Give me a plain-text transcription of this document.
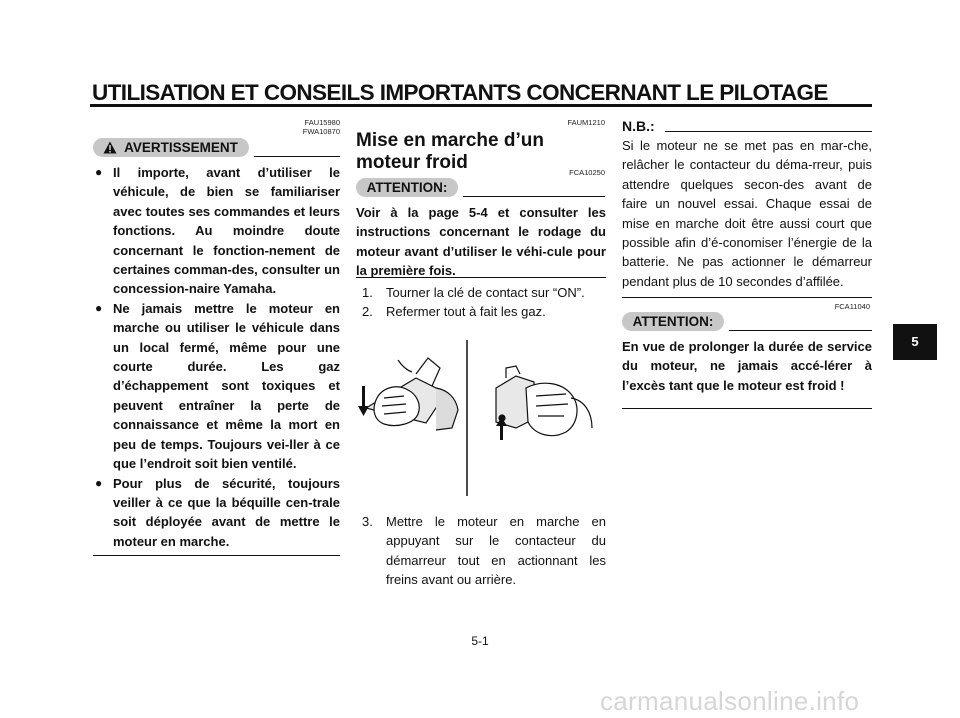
UTILISATION ET CONSEILS IMPORTANTS CONCERNANT LE PILOTAGE
FAU15980
FWA10870
AVERTISSEMENT
● Il importe, avant d’utiliser le véhicule, de bien se familiariser avec toutes ses commandes et leurs fonctions. Au moindre doute concernant le fonction-nement de certaines comman-des, consulter un concession-naire Yamaha.
● Ne jamais mettre le moteur en marche ou utiliser le véhicule dans un local fermé, même pour une courte durée. Les gaz d’échappement sont toxiques et peuvent entraîner la perte de connaissance et même la mort en peu de temps. Toujours vei-ller à ce que l’endroit soit bien ventilé.
● Pour plus de sécurité, toujours veiller à ce que la béquille cen-trale soit déployée avant de mettre le moteur en marche.
FAUM1210
Mise en marche d’un moteur froid	FCA10250
ATTENTION:
Voir à la page 5-4 et consulter les instructions concernant le rodage du moteur avant d’utiliser le véhi-cule pour la première fois.
1. Tourner la clé de contact sur “ON”.
2. Refermer tout à fait les gaz.
3. Mettre le moteur en marche en appuyant sur le contacteur du démarreur tout en actionnant les freins avant ou arrière.
N.B.:
Si le moteur ne se met pas en mar-che, relâcher le contacteur du déma-rreur, puis attendre quelques secon-des avant de faire un nouvel essai. Chaque essai de mise en marche doit être aussi court que possible afin d’é-conomiser l’énergie de la batterie. Ne pas actionner le démarreur pendant plus de 10 secondes d’affilée.
FCA11040
ATTENTION:
En vue de prolonger la durée de service du moteur, ne jamais accé-lérer à l’excès tant que le moteur est froid !
5
5-1
carmanualsonline.info
